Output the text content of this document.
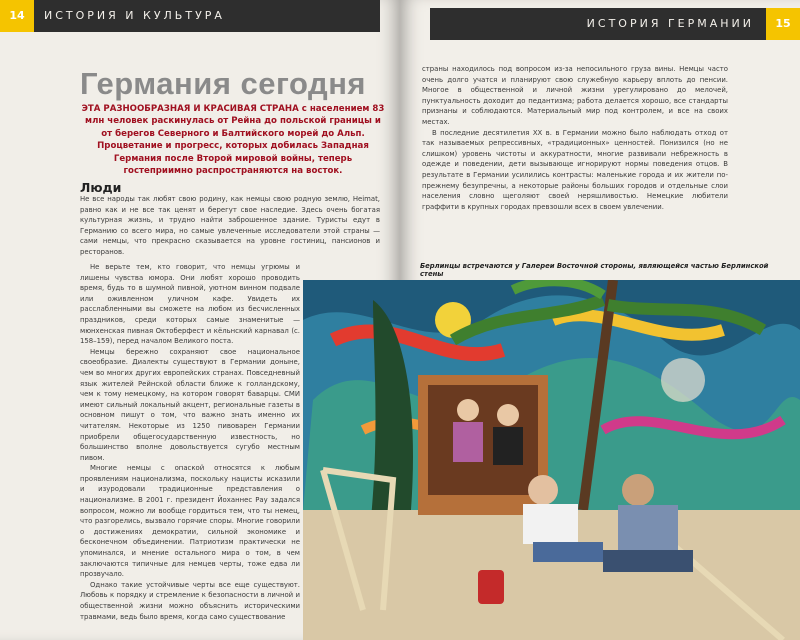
14	ИСТОРИЯ И КУЛЬТУРА
Германия сегодня
ЭТА РАЗНООБРАЗНАЯ И КРАСИВАЯ СТРАНА с населением 83 млн человек раскинулась от Рейна до польской границы и от берегов Северного и Балтийского морей до Альп. Процветание и прогресс, которых добилась Западная Германия после Второй мировой войны, теперь гостеприимно распространяются на восток.
Люди

Не все народы так любят свою родину, как немцы свою родную землю, Heimat, равно как и не все так ценят и берегут свое наследие. Здесь очень богатая культурная жизнь, и трудно найти заброшенное здание. Туристы едут в Германию со всего мира, но самые увлеченные исследователи этой страны — сами немцы, что прекрасно сказывается на уровне гостиниц, пансионов и ресторанов.

Не верьте тем, кто говорит, что немцы угрюмы и лишены чувства юмора. Они любят хорошо проводить время, будь то в шумной пивной, уютном винном подвале или оживленном уличном кафе. Увидеть их расслабленными вы сможете на любом из бесчисленных праздников, среди которых самые знаменитые — мюнхенская пивная Октоберфест и кёльнский карнавал (с. 158–159), перед началом Великого поста.

Немцы бережно сохраняют свое национальное своеобразие. Диалекты существуют в Германии доныне, чем во многих других европейских странах. Повседневный язык жителей Рейнской области ближе к голландскому, чем к тому немецкому, на котором говорят баварцы. СМИ имеют сильный локальный акцент, региональные газеты в основном пишут о том, что важно знать именно их читателям. Некоторые из 1250 пивоварен Германии приобрели общегосударственную известность, но большинство вполне довольствуется сугубо местным пивом.

Многие немцы с опаской относятся к любым проявлениям национализма, поскольку нацисты исказили и изуродовали традиционные представления о национализме. В 2001 г. президент Йоханнес Рау задался вопросом, можно ли вообще гордиться тем, что ты немец, что разгорелись, вызвало горячие споры. Многие говорили о достижениях демократии, сильной экономике и бесконечном объединении. Патриотизм практически не упоминался, и мнение остального мира о том, в чем заключаются типичные для немцев черты, тоже едва ли прозвучало.

Однако такие устойчивые черты все еще существуют. Любовь к порядку и стремление к безопасности в личной и общественной жизни можно объяснить историческими травмами, ведь было время, когда само существование

15
ИСТОРИЯ ГЕРМАНИИ

страны находилось под вопросом из-за непосильного груза вины. Немцы часто очень долго учатся и планируют свою служебную карьеру вплоть до пенсии. Многое в общественной и личной жизни урегулировано до мелочей, пунктуальность доходит до педантизма; работа делается хорошо, все стандарты признаны и соблюдаются. Материальный мир под контролем, и все на своих местах.

В последние десятилетия XX в. в Германии можно было наблюдать отход от так называемых репрессивных, «традиционных» ценностей. Понизился (но не слишком) уровень чистоты и аккуратности, многие развивали небрежность в одежде и поведении, дети вызывающе игнорируют нормы поведения отцов. В результате в Германии усилились контрасты: маленькие города и их жители по-прежнему безупречны, а некоторые районы больших городов и отдельные слои населения словно щеголяют своей неряшливостью. Немецкие любители граффити в крупных городах превзошли всех в своем увлечении.

Берлинцы встречаются у Галереи Восточной стороны, являющейся частью Берлинской стены
